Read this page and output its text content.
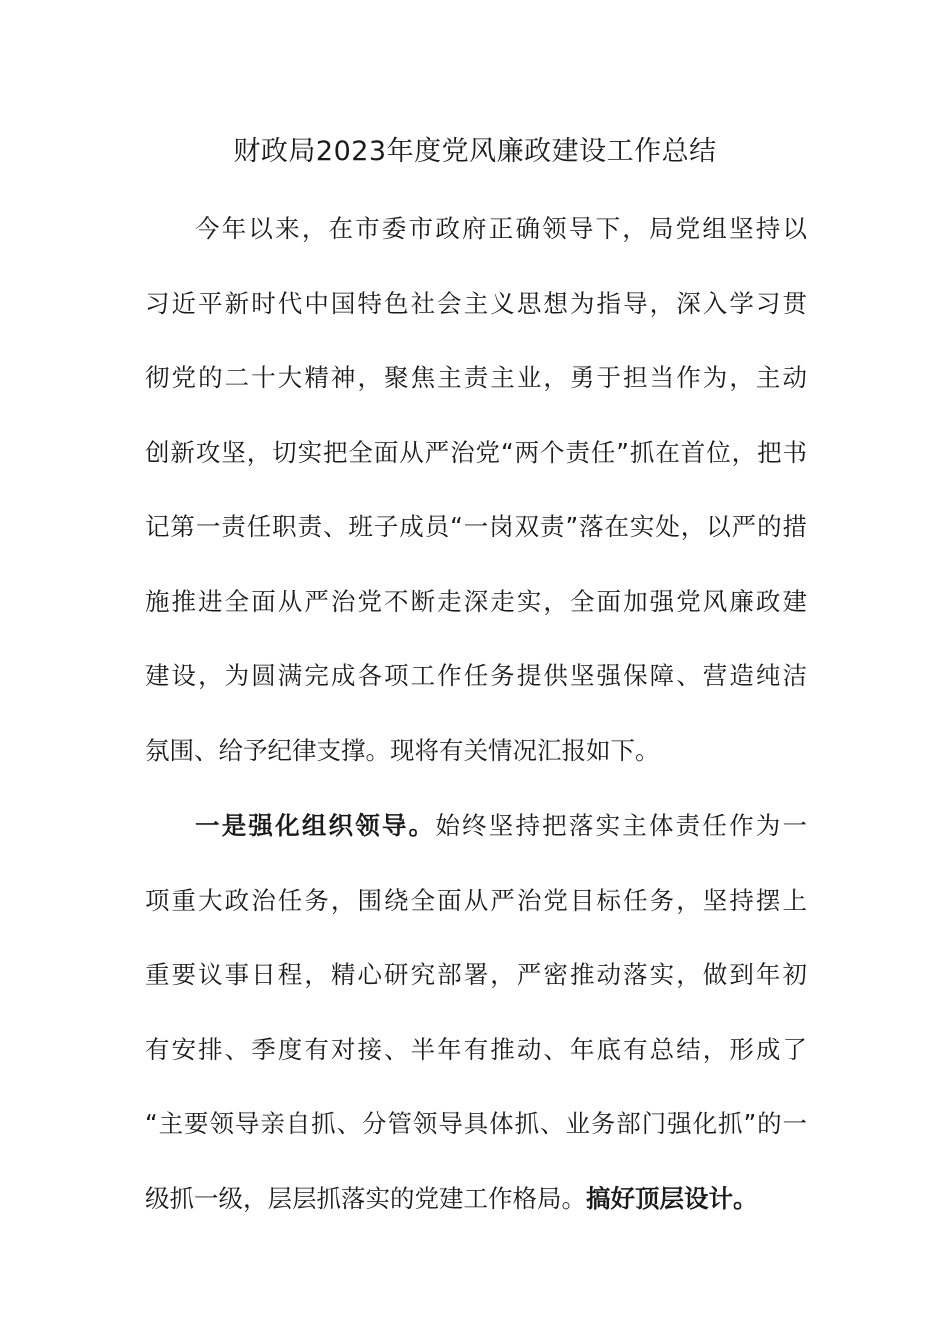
财政局2023年度党风廉政建设工作总结
今年以来，在市委市政府正确领导下，局党组坚持以
习近平新时代中国特色社会主义思想为指导，深入学习贯
彻党的二十大精神，聚焦主责主业，勇于担当作为，主动
创新攻坚，切实把全面从严治党“两个责任”抓在首位，把书
记第一责任职责、班子成员“一岗双责”落在实处，以严的措
施推进全面从严治党不断走深走实，全面加强党风廉政建
建设，为圆满完成各项工作任务提供坚强保障、营造纯洁
氛围、给予纪律支撑。现将有关情况汇报如下。
一是强化组织领导。始终坚持把落实主体责任作为一
项重大政治任务，围绕全面从严治党目标任务，坚持摆上
重要议事日程，精心研究部署，严密推动落实，做到年初
有安排、季度有对接、半年有推动、年底有总结，形成了
“主要领导亲自抓、分管领导具体抓、业务部门强化抓”的一
级抓一级，层层抓落实的党建工作格局。搞好顶层设计。
